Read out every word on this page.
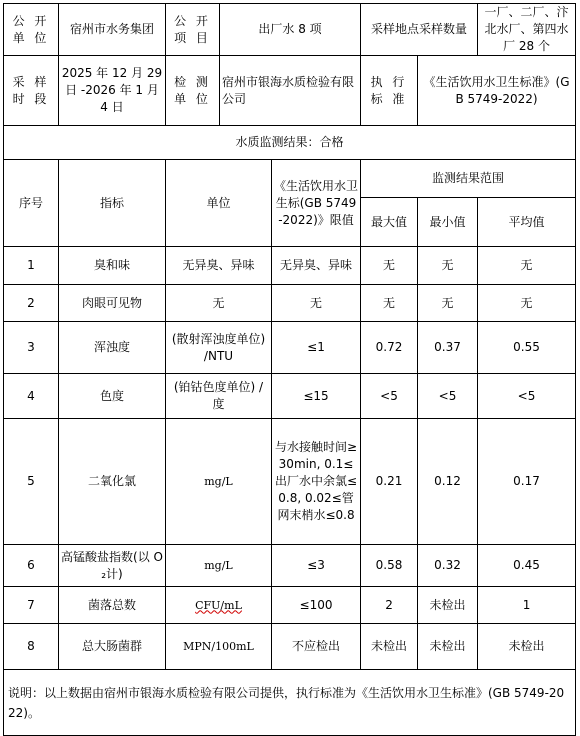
公 开 单 位	宿州市水务集团	公 开 项 目	出厂水 8 项		采样地点采样数量		一厂、二厂、汴北水厂、第四水厂 28 个
采 样 时 段	2025 年 12 月 29 日 -2026 年 1 月 4 日	检 测 单 位	宿州市银海水质检验有限公司		执 行 标 准	《生活饮用水卫生标准》(GB 5749-2022)	
水质监测结果：合格							
序号	指标	单位		《生活饮用水卫生标(GB 5749-2022)》限值	监测结果范围		
					最大值	最小值	平均值
1	臭和味	无异臭、异味		无异臭、异味	无	无	无
2	肉眼可见物	无		无	无	无	无
3	浑浊度	(散射浑浊度单位) /NTU		≤1	0.72	0.37	0.55
4	色度	(铂钴色度单位) /度		≤15	<5	<5	<5
5	二氧化氯	mg/L		与水接触时间≥30min, 0.1≤出厂水中余氯≤0.8, 0.02≤管网末梢水≤0.8	0.21	0.12	0.17
6	高锰酸盐指数(以 O₂计)	mg/L		≤3	0.58	0.32	0.45
7	菌落总数	CFU/mL		≤100	2	未检出	1
8	总大肠菌群	MPN/100mL		不应检出	未检出	未检出	未检出
说明：以上数据由宿州市银海水质检验有限公司提供，执行标准为《生活饮用水卫生标准》(GB 5749-2022)。							
